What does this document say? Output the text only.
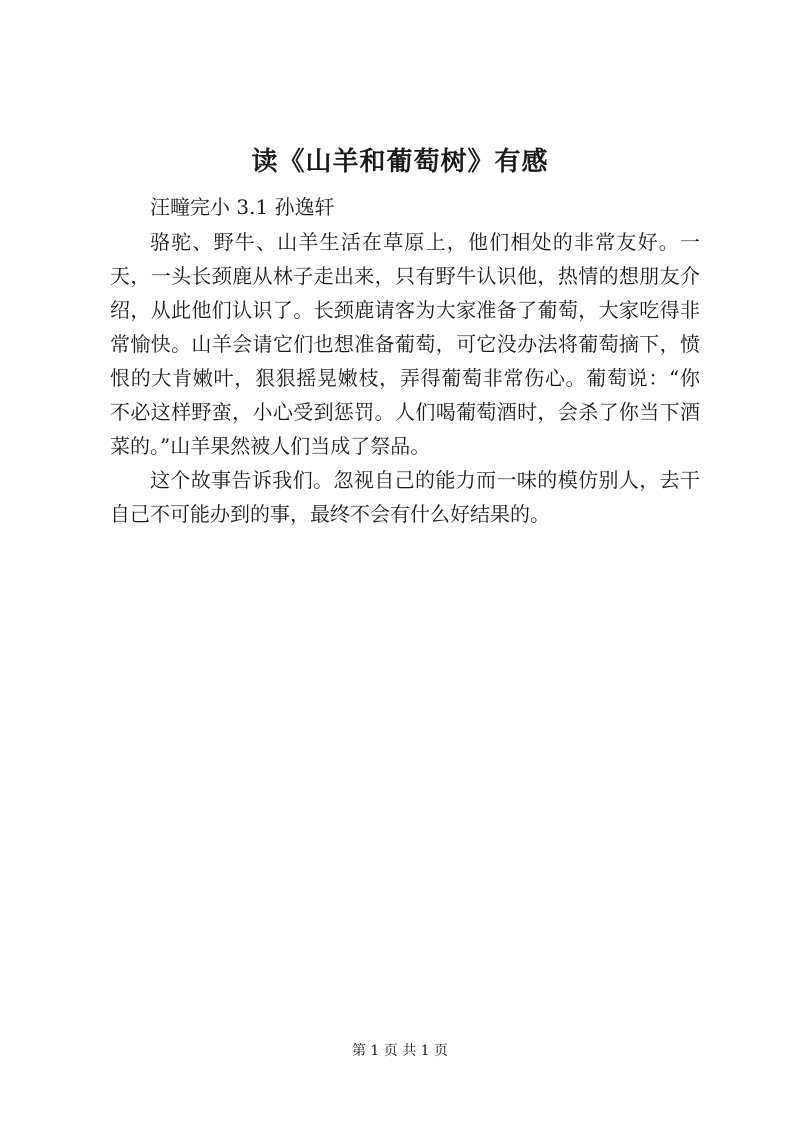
读《山羊和葡萄树》有感

汪疃完小 3.1 孙逸轩

骆驼、野牛、山羊生活在草原上，他们相处的非常友好。一天，一头长颈鹿从林子走出来，只有野牛认识他，热情的想朋友介绍，从此他们认识了。长颈鹿请客为大家准备了葡萄，大家吃得非常愉快。山羊会请它们也想准备葡萄，可它没办法将葡萄摘下，愤恨的大肯嫩叶，狠狠摇晃嫩枝，弄得葡萄非常伤心。葡萄说：“你不必这样野蛮，小心受到惩罚。人们喝葡萄酒时，会杀了你当下酒菜的。”山羊果然被人们当成了祭品。

这个故事告诉我们。忽视自己的能力而一味的模仿别人，去干自己不可能办到的事，最终不会有什么好结果的。

第 1 页 共 1 页
